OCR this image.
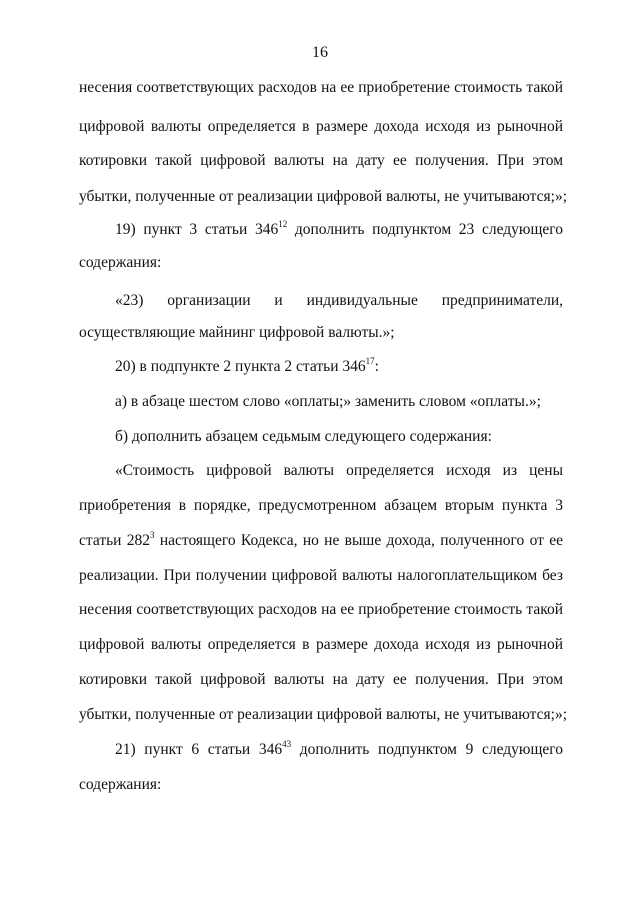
16
несения соответствующих расходов на ее приобретение стоимость такой
цифровой валюты определяется в размере дохода исходя из рыночной
котировки такой цифровой валюты на дату ее получения. При этом
убытки, полученные от реализации цифровой валюты, не учитываются;»;
19) пункт 3 статьи $346^{12}$ дополнить подпунктом 23 следующего
содержания:
«23) организации и индивидуальные предприниматели,
осуществляющие майнинг цифровой валюты.»;
20) в подпункте 2 пункта 2 статьи $346^{17}$:
а) в абзаце шестом слово «оплаты;» заменить словом «оплаты.»;
б) дополнить абзацем седьмым следующего содержания:
«Стоимость цифровой валюты определяется исходя из цены
приобретения в порядке, предусмотренном абзацем вторым пункта 3
статьи $282^3$ настоящего Кодекса, но не выше дохода, полученного от ее
реализации. При получении цифровой валюты налогоплательщиком без
несения соответствующих расходов на ее приобретение стоимость такой
цифровой валюты определяется в размере дохода исходя из рыночной
котировки такой цифровой валюты на дату ее получения. При этом
убытки, полученные от реализации цифровой валюты, не учитываются;»;
21) пункт 6 статьи $346^{43}$ дополнить подпунктом 9 следующего
содержания:
